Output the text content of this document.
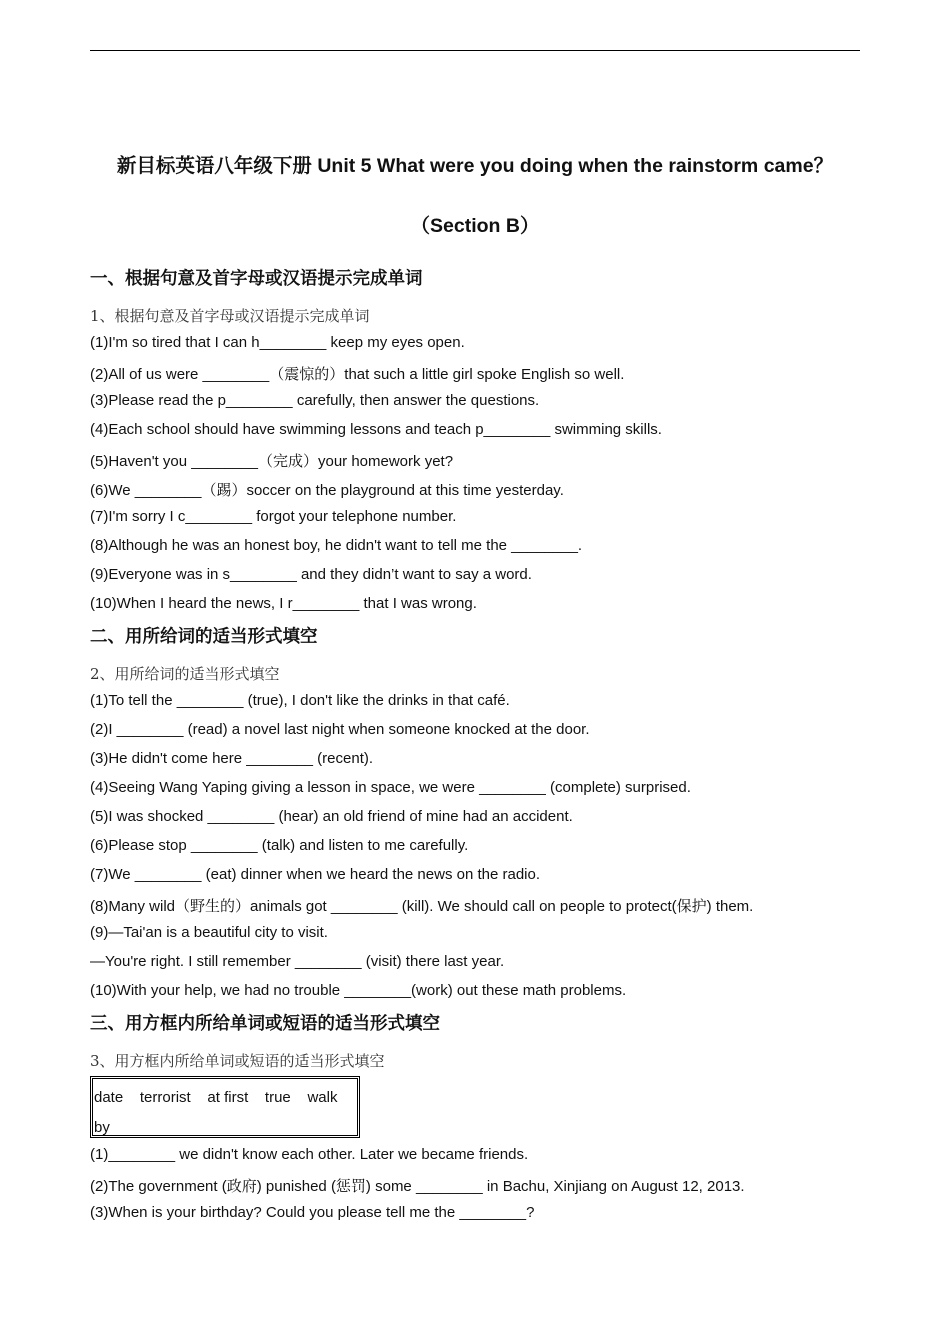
新目标英语八年级下册 Unit 5 What were you doing when the rainstorm came？
（Section B）
一、根据句意及首字母或汉语提示完成单词
1、根据句意及首字母或汉语提示完成单词
(1)I'm so tired that I can h________ keep my eyes open.
(2)All of us were ________（震惊的）that such a little girl spoke English so well.
(3)Please read the p________ carefully, then answer the questions.
(4)Each school should have swimming lessons and teach p________ swimming skills.
(5)Haven't you ________（完成）your homework yet?
(6)We ________（踢）soccer on the playground at this time yesterday.
(7)I'm sorry I c________ forgot your telephone number.
(8)Although he was an honest boy, he didn't want to tell me the ________.
(9)Everyone was in s________ and they didn’t want to say a word.
(10)When I heard the news, I r________ that I was wrong.
二、用所给词的适当形式填空
2、用所给词的适当形式填空
(1)To tell the ________ (true), I don't like the drinks in that café.
(2)I ________ (read) a novel last night when someone knocked at the door.
(3)He didn't come here ________ (recent).
(4)Seeing Wang Yaping giving a lesson in space, we were ________ (complete) surprised.
(5)I was shocked ________ (hear) an old friend of mine had an accident.
(6)Please stop ________ (talk) and listen to me carefully.
(7)We ________ (eat) dinner when we heard the news on the radio.
(8)Many wild（野生的）animals got ________ (kill). We should call on people to protect(保护) them.
(9)—Tai'an is a beautiful city to visit.
—You're right. I still remember ________ (visit) there last year.
(10)With your help, we had no trouble ________(work) out these math problems.
三、用方框内所给单词或短语的适当形式填空
3、用方框内所给单词或短语的适当形式填空
date terrorist at first true walk
by
(1)________ we didn't know each other. Later we became friends.
(2)The government (政府) punished (惩罚) some ________ in Bachu, Xinjiang on August 12, 2013.
(3)When is your birthday? Could you please tell me the ________?
